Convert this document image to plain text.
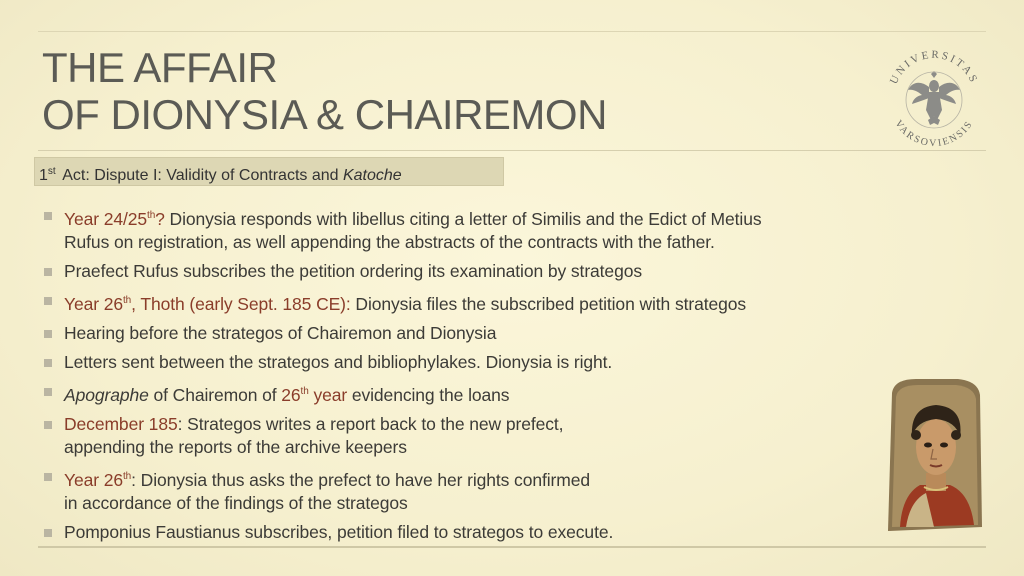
THE AFFAIR
OF DIONYSIA & CHAIREMON
1st Act: Dispute I: Validity of Contracts and Katoche
UNIVERSITAS
VARSOVIENSIS
Year 24/25th? Dionysia responds with libellus citing a letter of Similis and the Edict of Metius
Rufus on registration, as well appending the abstracts of the contracts with the father.
Praefect Rufus subscribes the petition ordering its examination by strategos
Year 26th, Thoth (early Sept. 185 CE): Dionysia files the subscribed petition with strategos
Hearing before the strategos of Chairemon and Dionysia
Letters sent between the strategos and bibliophylakes. Dionysia is right.
Apographe of Chairemon of 26th year evidencing the loans
December 185: Strategos writes a report back to the new prefect,
appending the reports of the archive keepers
Year 26th: Dionysia thus asks the prefect to have her rights confirmed
in accordance of the findings of the strategos
Pomponius Faustianus subscribes, petition filed to strategos to execute.
